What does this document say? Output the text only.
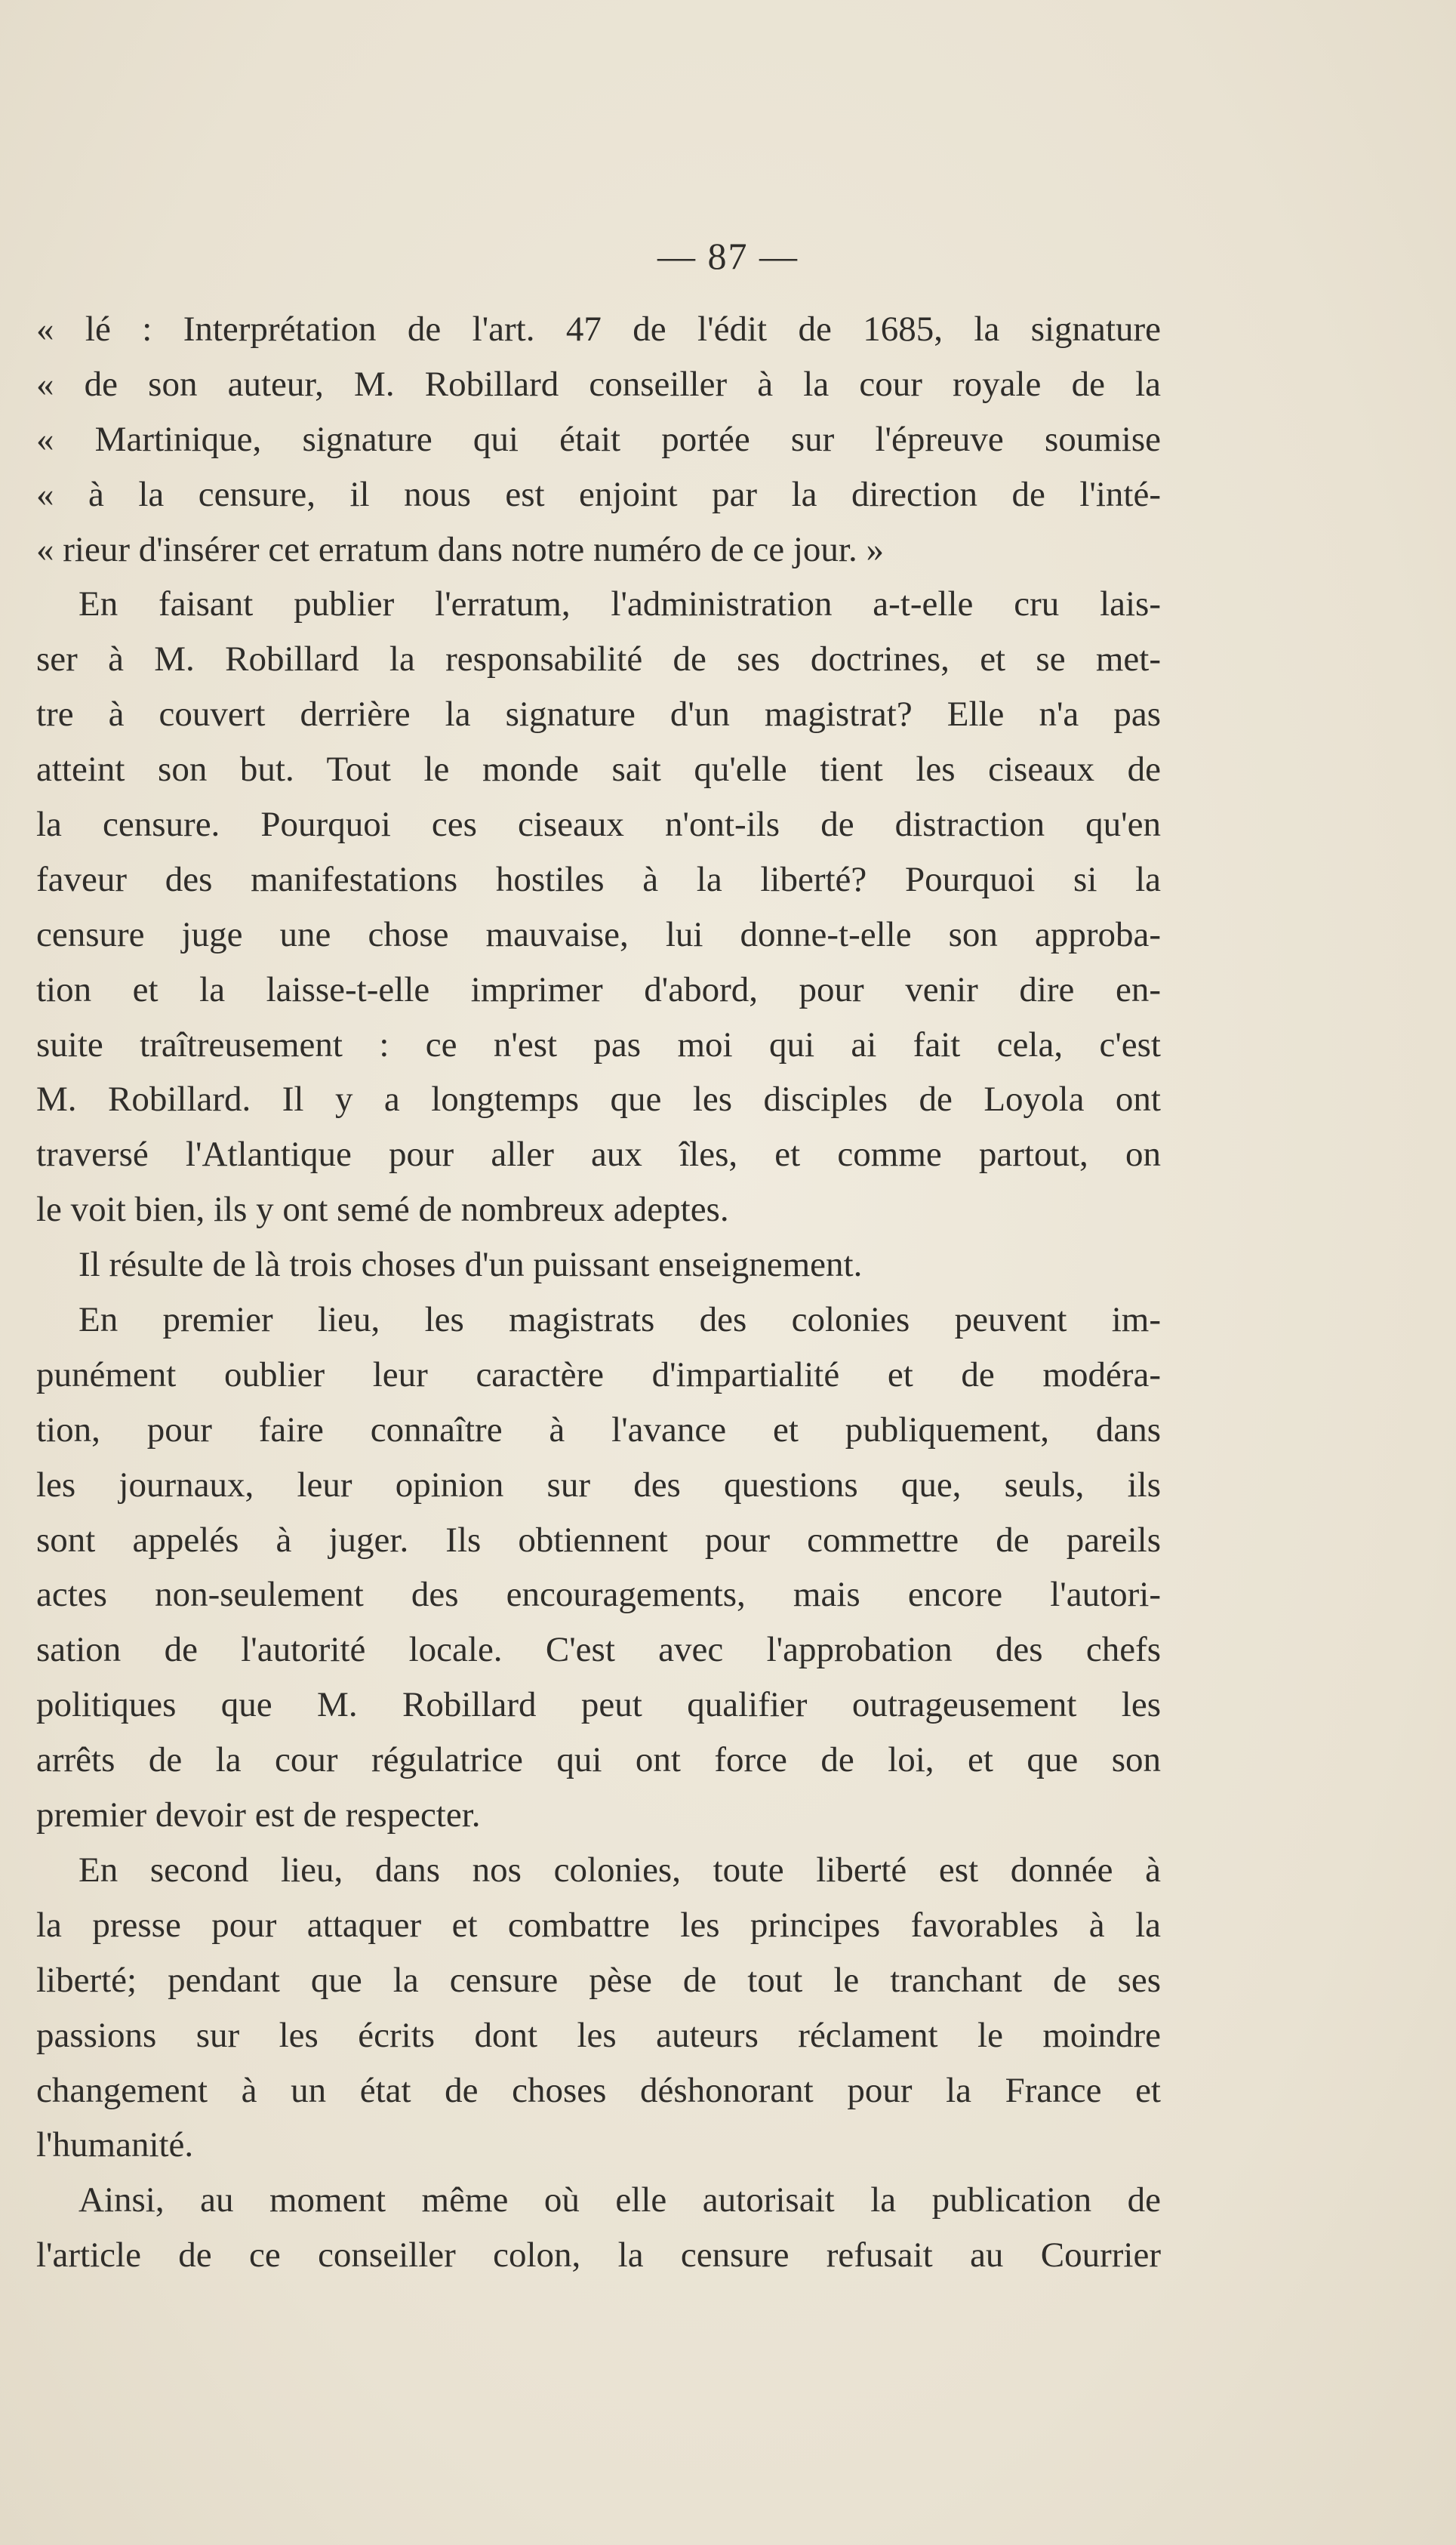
— 87 —
« lé : Interprétation de l'art. 47 de l'édit de 1685, la signature
« de son auteur, M. Robillard conseiller à la cour royale de la
« Martinique, signature qui était portée sur l'épreuve soumise
« à la censure, il nous est enjoint par la direction de l'inté-
« rieur d'insérer cet erratum dans notre numéro de ce jour. »
En faisant publier l'erratum, l'administration a-t-elle cru lais-
ser à M. Robillard la responsabilité de ses doctrines, et se met-
tre à couvert derrière la signature d'un magistrat? Elle n'a pas
atteint son but. Tout le monde sait qu'elle tient les ciseaux de
la censure. Pourquoi ces ciseaux n'ont-ils de distraction qu'en
faveur des manifestations hostiles à la liberté? Pourquoi si la
censure juge une chose mauvaise, lui donne-t-elle son approba-
tion et la laisse-t-elle imprimer d'abord, pour venir dire en-
suite traîtreusement : ce n'est pas moi qui ai fait cela, c'est
M. Robillard. Il y a longtemps que les disciples de Loyola ont
traversé l'Atlantique pour aller aux îles, et comme partout, on
le voit bien, ils y ont semé de nombreux adeptes.
Il résulte de là trois choses d'un puissant enseignement.
En premier lieu, les magistrats des colonies peuvent im-
punément oublier leur caractère d'impartialité et de modéra-
tion, pour faire connaître à l'avance et publiquement, dans
les journaux, leur opinion sur des questions que, seuls, ils
sont appelés à juger. Ils obtiennent pour commettre de pareils
actes non-seulement des encouragements, mais encore l'autori-
sation de l'autorité locale. C'est avec l'approbation des chefs
politiques que M. Robillard peut qualifier outrageusement les
arrêts de la cour régulatrice qui ont force de loi, et que son
premier devoir est de respecter.
En second lieu, dans nos colonies, toute liberté est donnée à
la presse pour attaquer et combattre les principes favorables à la
liberté; pendant que la censure pèse de tout le tranchant de ses
passions sur les écrits dont les auteurs réclament le moindre
changement à un état de choses déshonorant pour la France et
l'humanité.
Ainsi, au moment même où elle autorisait la publication de
l'article de ce conseiller colon, la censure refusait au Courrier
